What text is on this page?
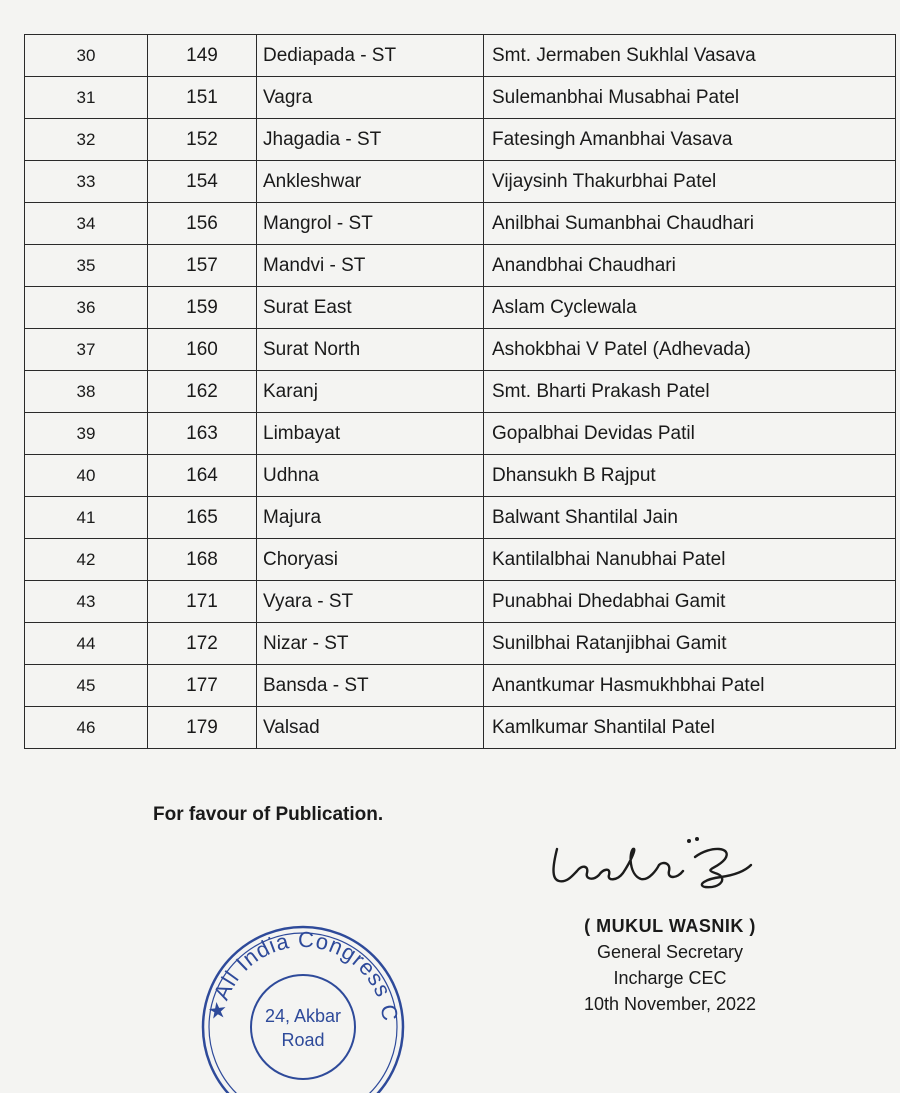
30	149	Dediapada - ST	Smt. Jermaben Sukhlal Vasava
31	151	Vagra	Sulemanbhai Musabhai Patel
32	152	Jhagadia - ST	Fatesingh Amanbhai Vasava
33	154	Ankleshwar	Vijaysinh Thakurbhai Patel
34	156	Mangrol - ST	Anilbhai Sumanbhai Chaudhari
35	157	Mandvi - ST	Anandbhai Chaudhari
36	159	Surat East	Aslam Cyclewala
37	160	Surat North	Ashokbhai V Patel (Adhevada)
38	162	Karanj	Smt. Bharti Prakash Patel
39	163	Limbayat	Gopalbhai Devidas Patil
40	164	Udhna	Dhansukh B Rajput
41	165	Majura	Balwant Shantilal Jain
42	168	Choryasi	Kantilalbhai Nanubhai Patel
43	171	Vyara - ST	Punabhai Dhedabhai Gamit
44	172	Nizar - ST	Sunilbhai Ratanjibhai Gamit
45	177	Bansda - ST	Anantkumar Hasmukhbhai Patel
46	179	Valsad	Kamlkumar Shantilal Patel
For favour of Publication.
( MUKUL WASNIK )
General Secretary
Incharge CEC
10th November, 2022
★All India Congress C
24, Akbar
Road
